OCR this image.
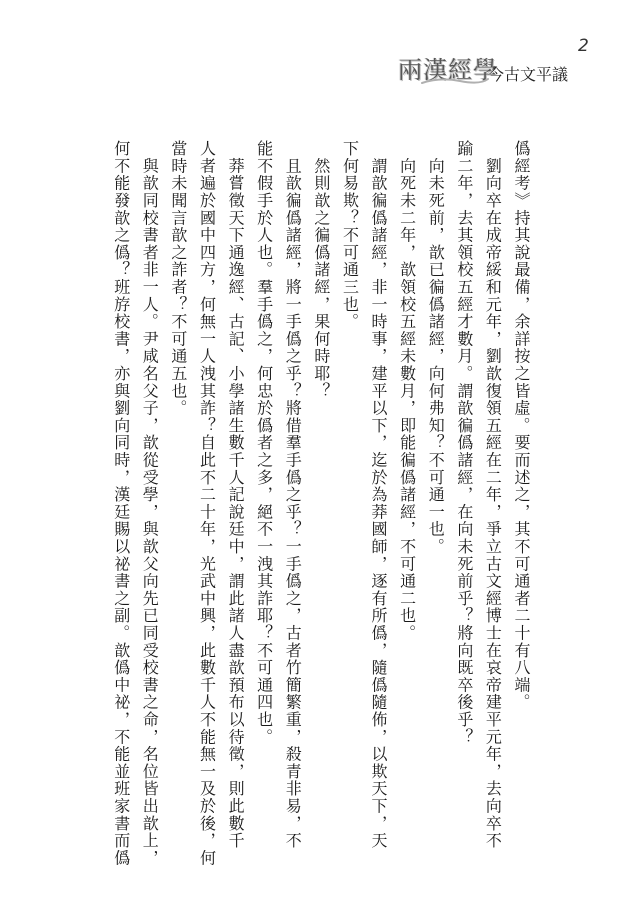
兩漢經學
今古文平議
2

僞經考》持其說最備，余詳按之皆虛。要而述之，其不可通者二十有八端。

　劉向卒在成帝綏和元年，劉歆復領五經在二年，爭立古文經博士在哀帝建平元年，去向卒不

踰二年，去其領校五經才數月。謂歆徧僞諸經，在向未死前乎？將向既卒後乎？

　向未死前，歆已徧僞諸經，向何弗知？不可通一也。

　向死未二年，歆領校五經未數月，即能徧僞諸經，不可通二也。

　謂歆徧僞諸經，非一時事，建平以下，迄於為莽國師，逐有所僞，隨僞隨佈，以欺天下，天

下何易欺？不可通三也。

　然則歆之徧僞諸經，果何時耶？

　且歆徧僞諸經，將一手僞之乎？將借羣手僞之乎？一手僞之，古者竹簡繁重，殺青非易，不

能不假手於人也。羣手僞之，何忠於僞者之多，絕不一洩其詐耶？不可通四也。

　莽嘗徵天下通逸經、古記、小學諸生數千人記說廷中，謂此諸人盡歆預布以待徵，則此數千

人者遍於國中四方，何無一人洩其詐？自此不二十年，光武中興，此數千人不能無一及於後，何

當時未聞言歆之詐者？不可通五也。

　與歆同校書者非一人。尹咸名父子，歆從受學，與歆父向先已同受校書之命，名位皆出歆上，

何不能發歆之僞？班斿校書，亦與劉向同時，漢廷賜以祕書之副。歆僞中祕，不能並班家書而僞
